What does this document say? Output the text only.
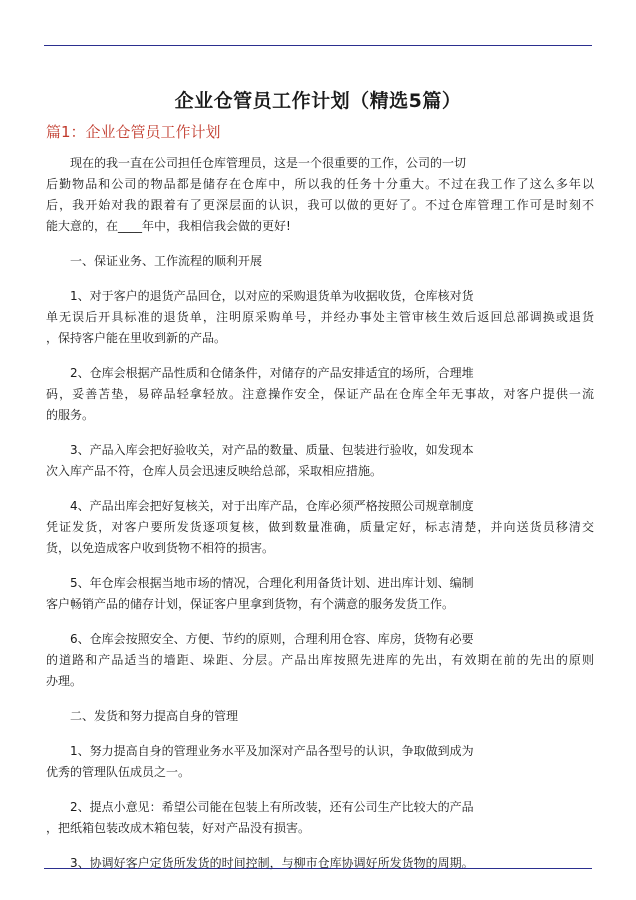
企业仓管员工作计划（精选5篇）
篇1：企业仓管员工作计划

现在的我一直在公司担任仓库管理员，这是一个很重要的工作，公司的一切
后勤物品和公司的物品都是储存在仓库中，所以我的任务十分重大。不过在我工作了这么多年以
后，我开始对我的跟着有了更深层面的认识，我可以做的更好了。不过仓库管理工作可是时刻不
能大意的，在____年中，我相信我会做的更好!

一、保证业务、工作流程的顺利开展

1、对于客户的退货产品回仓，以对应的采购退货单为收据收货，仓库核对货
单无误后开具标准的退货单，注明原采购单号，并经办事处主管审核生效后返回总部调换或退货
，保持客户能在里收到新的产品。

2、仓库会根据产品性质和仓储条件，对储存的产品安排适宜的场所，合理堆
码，妥善苫垫，易碎品轻拿轻放。注意操作安全，保证产品在仓库全年无事故，对客户提供一流
的服务。

3、产品入库会把好验收关，对产品的数量、质量、包装进行验收，如发现本
次入库产品不符，仓库人员会迅速反映给总部，采取相应措施。

4、产品出库会把好复核关，对于出库产品，仓库必须严格按照公司规章制度
凭证发货，对客户要所发货逐项复核，做到数量准确，质量定好，标志清楚，并向送货员移清交
货，以免造成客户收到货物不相符的损害。

5、年仓库会根据当地市场的情况，合理化利用备货计划、进出库计划、编制
客户畅销产品的储存计划，保证客户里拿到货物，有个满意的服务发货工作。

6、仓库会按照安全、方便、节约的原则，合理利用仓容、库房，货物有必要
的道路和产品适当的墙距、垛距、分层。产品出库按照先进库的先出，有效期在前的先出的原则
办理。

二、发货和努力提高自身的管理

1、努力提高自身的管理业务水平及加深对产品各型号的认识，争取做到成为
优秀的管理队伍成员之一。

2、提点小意见：希望公司能在包装上有所改装，还有公司生产比较大的产品
，把纸箱包装改成木箱包装，好对产品没有损害。

3、协调好客户定货所发货的时间控制，与柳市仓库协调好所发货物的周期。
